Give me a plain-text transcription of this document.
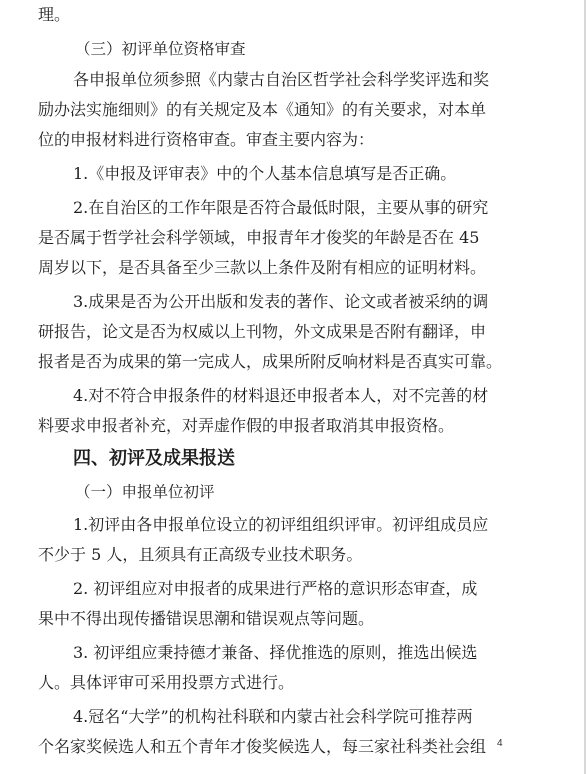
理。
（三）初评单位资格审查
各申报单位须参照《内蒙古自治区哲学社会科学奖评选和奖
励办法实施细则》的有关规定及本《通知》的有关要求，对本单
位的申报材料进行资格审查。审查主要内容为：
1.《申报及评审表》中的个人基本信息填写是否正确。
2.在自治区的工作年限是否符合最低时限，主要从事的研究
是否属于哲学社会科学领域，申报青年才俊奖的年龄是否在 45
周岁以下，是否具备至少三款以上条件及附有相应的证明材料。
3.成果是否为公开出版和发表的著作、论文或者被采纳的调
研报告，论文是否为权威以上刊物，外文成果是否附有翻译，申
报者是否为成果的第一完成人，成果所附反响材料是否真实可靠。
4.对不符合申报条件的材料退还申报者本人，对不完善的材
料要求申报者补充，对弄虚作假的申报者取消其申报资格。
四、初评及成果报送
（一）申报单位初评
1.初评由各申报单位设立的初评组组织评审。初评组成员应
不少于 5 人，且须具有正高级专业技术职务。
2. 初评组应对申报者的成果进行严格的意识形态审查，成
果中不得出现传播错误思潮和错误观点等问题。
3. 初评组应秉持德才兼备、择优推选的原则，推选出候选
人。具体评审可采用投票方式进行。
4.冠名“大学”的机构社科联和内蒙古社会科学院可推荐两
个名家奖候选人和五个青年才俊奖候选人，每三家社科类社会组 4
